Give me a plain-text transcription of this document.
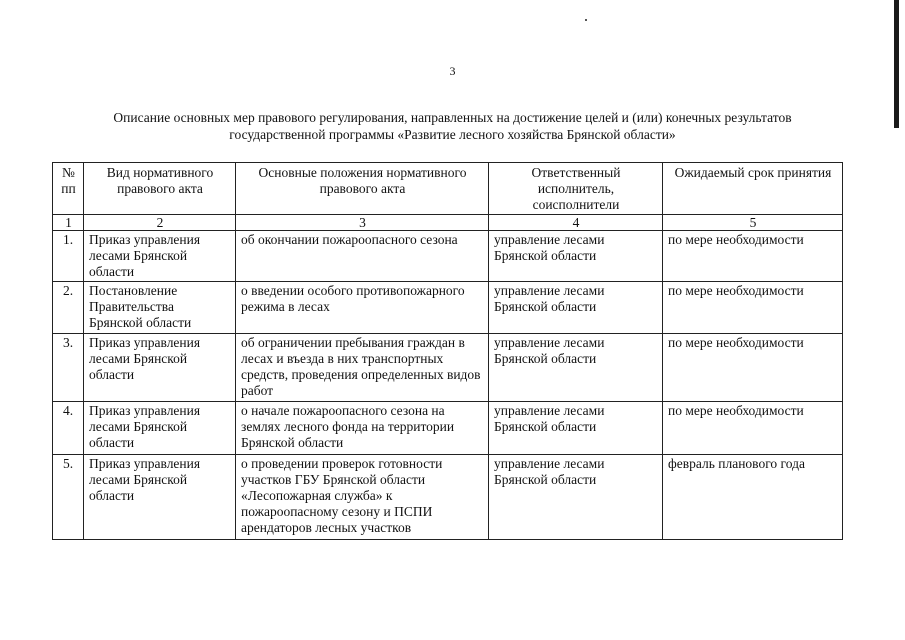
3
Описание основных мер правового регулирования, направленных на достижение целей и (или) конечных результатов
государственной программы «Развитие лесного хозяйства Брянской области»
№ пп	Вид нормативного правового акта	Основные положения нормативного правового акта	Ответственный исполнитель, соисполнители	Ожидаемый срок принятия
1	2	3	4	5
1.	Приказ управления лесами Брянской области	об окончании пожароопасного сезона	управление лесами Брянской области	по мере необходимости
2.	Постановление Правительства Брянской области	о введении особого противопожарного режима в лесах	управление лесами Брянской области	по мере необходимости
3.	Приказ управления лесами Брянской области	об ограничении пребывания граждан в лесах и въезда в них транспортных средств, проведения определенных видов работ	управление лесами Брянской области	по мере необходимости
4.	Приказ управления лесами Брянской области	о начале пожароопасного сезона на землях лесного фонда на территории Брянской области	управление лесами Брянской области	по мере необходимости
5.	Приказ управления лесами Брянской области	о проведении проверок готовности участков ГБУ Брянской области «Лесопожарная служба» к пожароопасному сезону и ПСПИ арендаторов лесных участков	управление лесами Брянской области	февраль планового года
